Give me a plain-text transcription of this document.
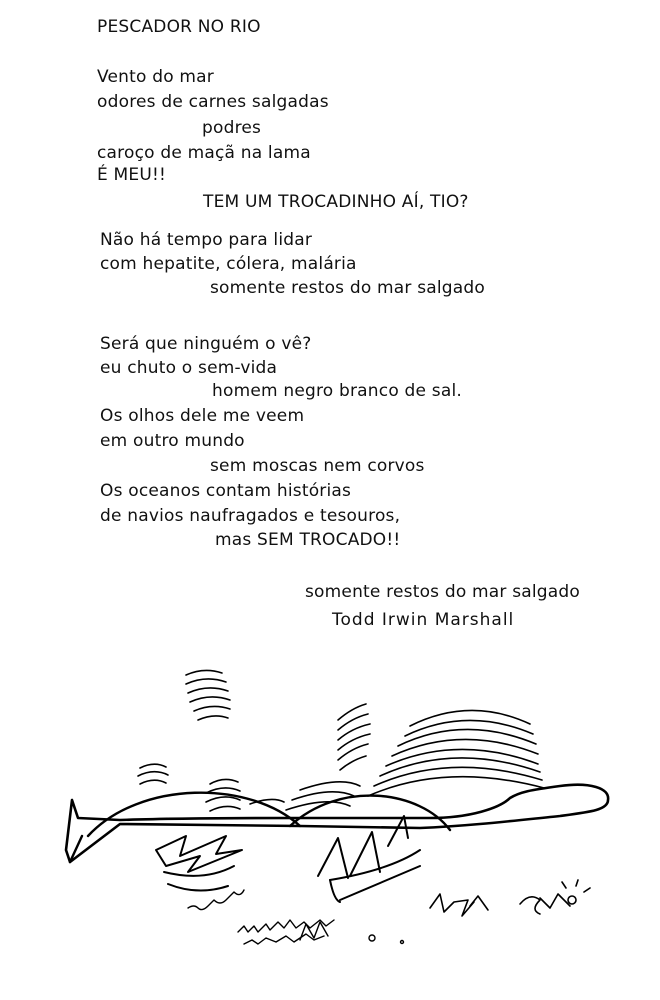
PESCADOR NO RIO
Vento do mar
odores de carnes salgadas
podres
caroço de maçã na lama
É MEU!!
TEM UM TROCADINHO AÍ, TIO?
Não há tempo para lidar
com hepatite, cólera, malária
somente restos do mar salgado
Será que ninguém o vê?
eu chuto o sem-vida
homem negro branco de sal.
Os olhos dele me veem
em outro mundo
sem moscas nem corvos
Os oceanos contam histórias
de navios naufragados e tesouros,
mas SEM TROCADO!!
somente restos do mar salgado
Todd Irwin Marshall
